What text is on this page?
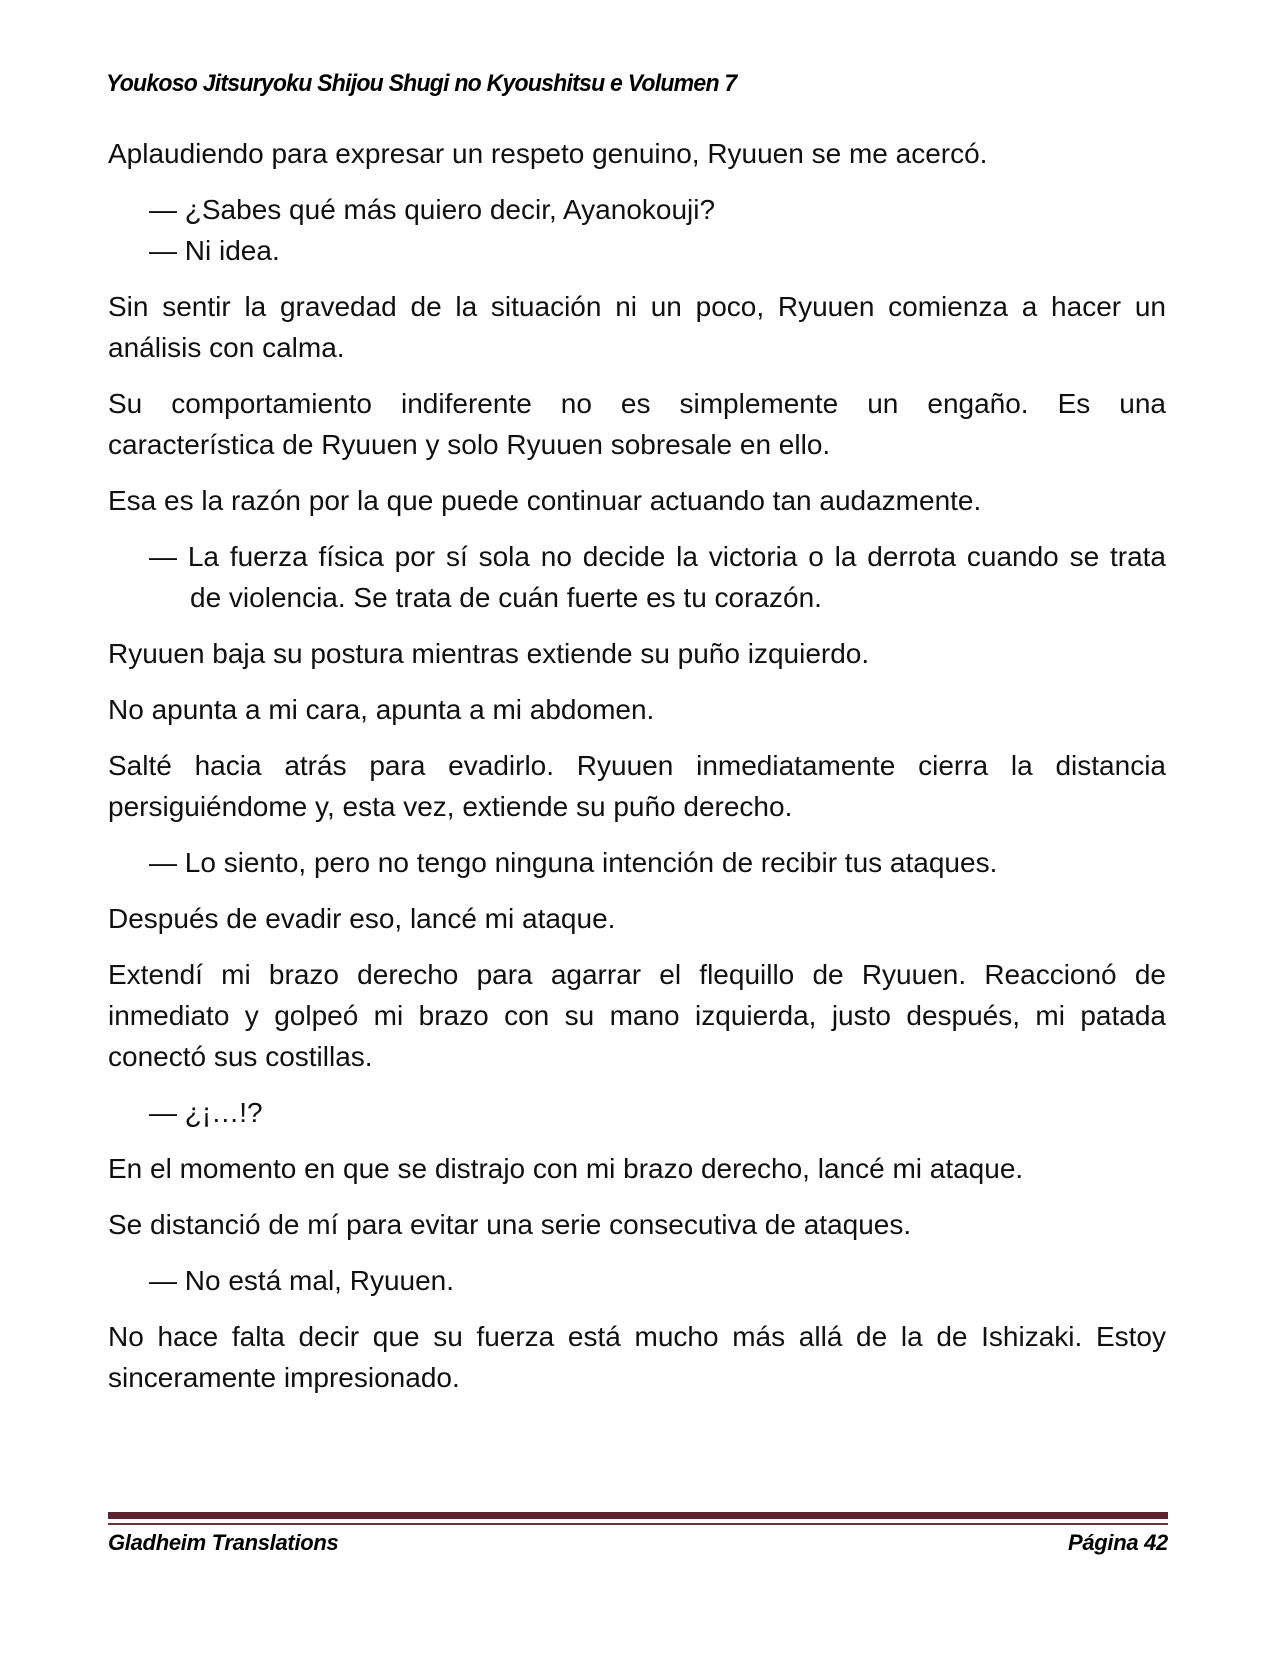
Youkoso Jitsuryoku Shijou Shugi no Kyoushitsu e Volumen 7
Aplaudiendo para expresar un respeto genuino, Ryuuen se me acercó.
— ¿Sabes qué más quiero decir, Ayanokouji?
— Ni idea.
Sin sentir la gravedad de la situación ni un poco, Ryuuen comienza a hacer un
análisis con calma.
Su comportamiento indiferente no es simplemente un engaño. Es una
característica de Ryuuen y solo Ryuuen sobresale en ello.
Esa es la razón por la que puede continuar actuando tan audazmente.
— La fuerza física por sí sola no decide la victoria o la derrota cuando se trata
de violencia. Se trata de cuán fuerte es tu corazón.
Ryuuen baja su postura mientras extiende su puño izquierdo.
No apunta a mi cara, apunta a mi abdomen.
Salté hacia atrás para evadirlo. Ryuuen inmediatamente cierra la distancia
persiguiéndome y, esta vez, extiende su puño derecho.
— Lo siento, pero no tengo ninguna intención de recibir tus ataques.
Después de evadir eso, lancé mi ataque.
Extendí mi brazo derecho para agarrar el flequillo de Ryuuen. Reaccionó de
inmediato y golpeó mi brazo con su mano izquierda, justo después, mi patada
conectó sus costillas.
— ¿¡…!?
En el momento en que se distrajo con mi brazo derecho, lancé mi ataque.
Se distanció de mí para evitar una serie consecutiva de ataques.
— No está mal, Ryuuen.
No hace falta decir que su fuerza está mucho más allá de la de Ishizaki. Estoy
sinceramente impresionado.
Gladheim Translations	Página 42
